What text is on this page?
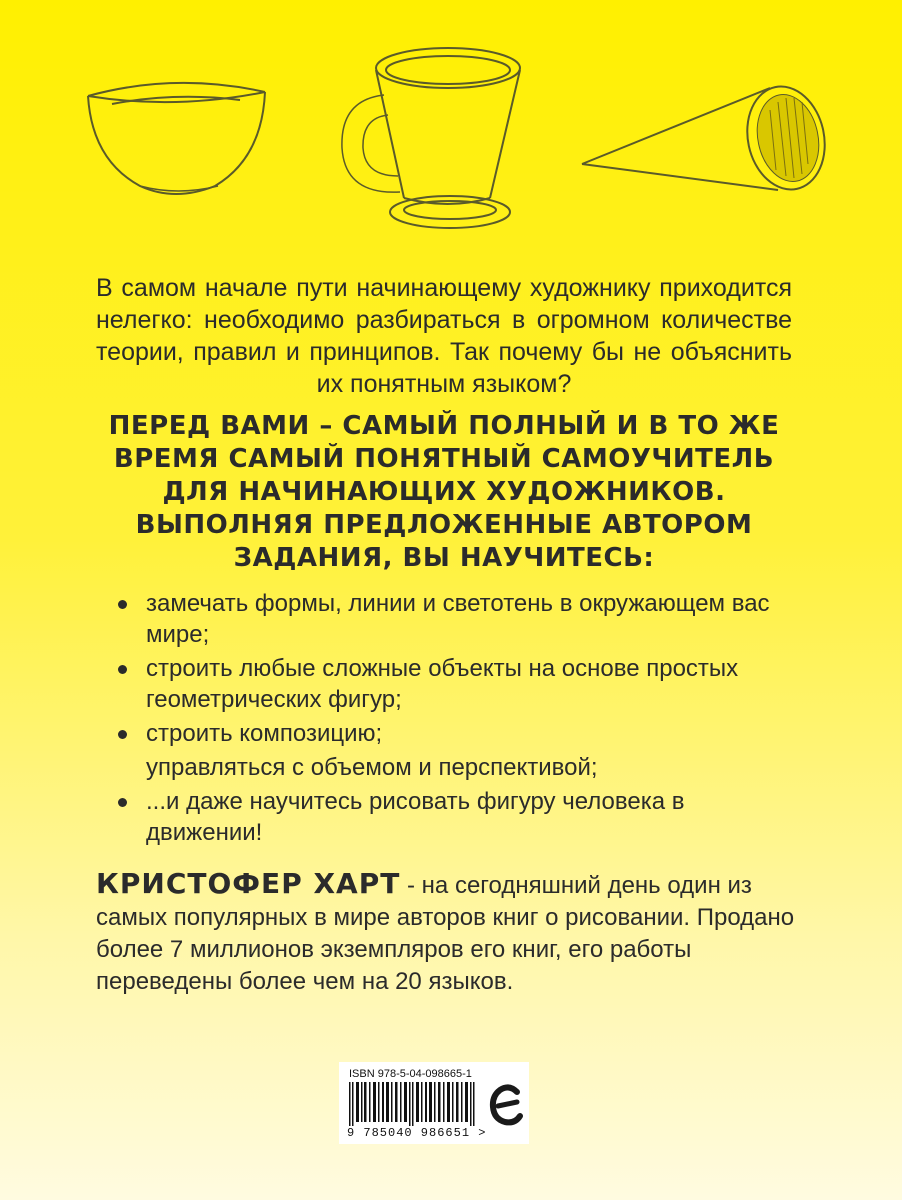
В самом начале пути начинающему художнику приходится нелегко: необходимо разбираться в огромном количестве теории, правил и принципов. Так почему бы не объяснить их понятным языком?
ПЕРЕД ВАМИ – САМЫЙ ПОЛНЫЙ И В ТО ЖЕ ВРЕМЯ САМЫЙ ПОНЯТНЫЙ САМОУЧИТЕЛЬ ДЛЯ НАЧИНАЮЩИХ ХУДОЖНИКОВ. ВЫПОЛНЯЯ ПРЕДЛОЖЕННЫЕ АВТОРОМ ЗАДАНИЯ, ВЫ НАУЧИТЕСЬ:
замечать формы, линии и светотень в окружающем вас мире;
строить любые сложные объекты на основе простых геометрических фигур;
строить композицию;
управляться с объемом и перспективой;
...и даже научитесь рисовать фигуру человека в движении!
КРИСТОФЕР ХАРТ - на сегодняшний день один из самых популярных в мире авторов книг о рисовании. Продано более 7 миллионов экземпляров его книг, его работы переведены более чем на 20 языков.
ISBN 978-5-04-098665-1
9 785040 986651 >
